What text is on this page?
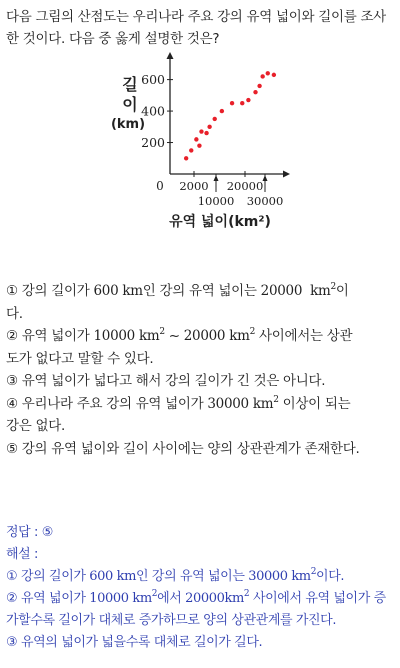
다음 그림의 산점도는 우리나라 주요 강의 유역 넓이와 길이를 조사
한 것이다. 다음 중 옳게 설명한 것은?
길
이
(km)
200
400
600
2000 20000
10000 30000
0
유역 넓이(km²)

① 강의 길이가 600 km인 강의 유역 넓이는 20000 $km^2$이
다.

② 유역 넓이가 10000 $km^2$ ~ 20000 $km^2$ 사이에서는 상관
도가 없다고 말할 수 있다.

③ 유역 넓이가 넓다고 해서 강의 길이가 긴 것은 아니다.

④ 우리나라 주요 강의 유역 넓이가 30000 $km^2$ 이상이 되는
강은 없다.

⑤ 강의 유역 넓이와 길이 사이에는 양의 상관관계가 존재한다.

정답 : ⑤

해설 :

① 강의 길이가 600 km인 강의 유역 넓이는 30000 $km^2$이다.

② 유역 넓이가 10000 $km^2$에서 $20000km^2$ 사이에서 유역 넓이가 증
가할수록 길이가 대체로 증가하므로 양의 상관관계를 가진다.

③ 유역의 넓이가 넓을수록 대체로 길이가 길다.
